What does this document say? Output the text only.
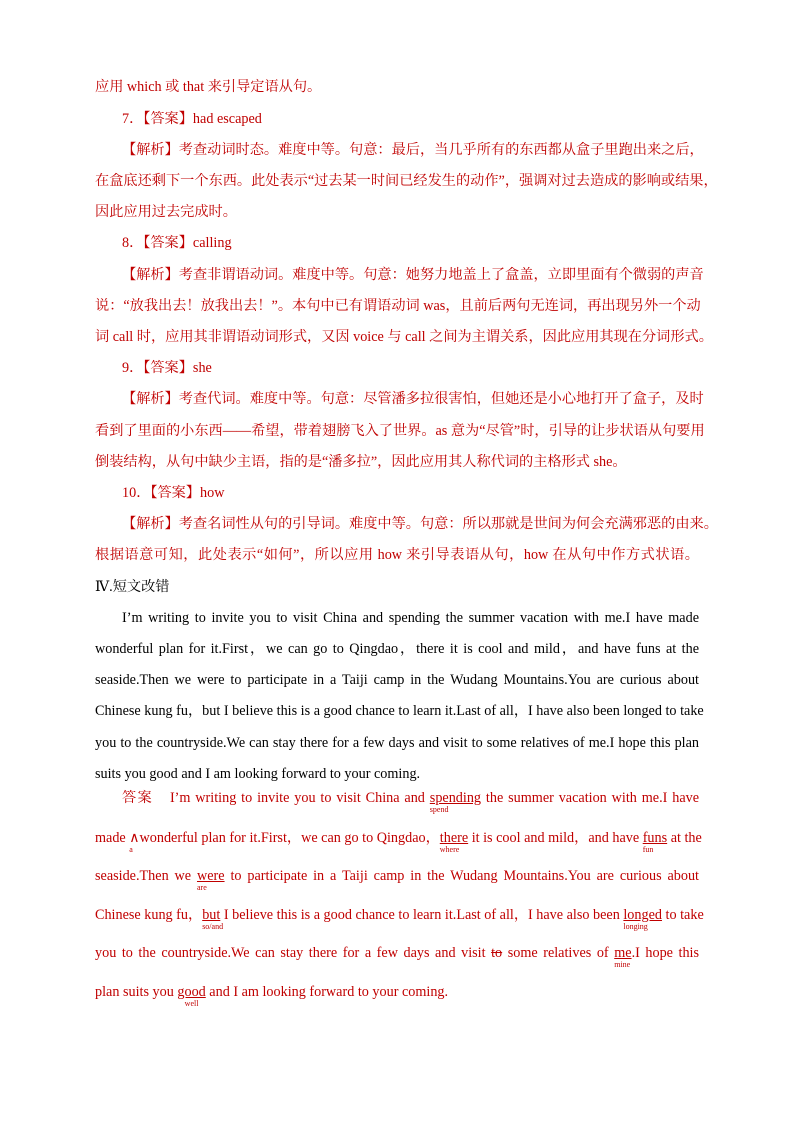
应用 which 或 that 来引导定语从句。
7．【答案】had escaped
【解析】考查动词时态。难度中等。句意：最后，当几乎所有的东西都从盒子里跑出来之后，
在盒底还剩下一个东西。此处表示“过去某一时间已经发生的动作”，强调对过去造成的影响或结果，
因此应用过去完成时。
8．【答案】calling
【解析】考查非谓语动词。难度中等。句意：她努力地盖上了盒盖，立即里面有个微弱的声音
说：“放我出去！放我出去！”。本句中已有谓语动词 was，且前后两句无连词，再出现另外一个动
词 call 时，应用其非谓语动词形式，又因 voice 与 call 之间为主谓关系，因此应用其现在分词形式。
9．【答案】she
【解析】考查代词。难度中等。句意：尽管潘多拉很害怕，但她还是小心地打开了盒子，及时
看到了里面的小东西——希望，带着翅膀飞入了世界。as 意为“尽管”时，引导的让步状语从句要用
倒装结构，从句中缺少主语，指的是“潘多拉”，因此应用其人称代词的主格形式 she。
10．【答案】how
【解析】考查名词性从句的引导词。难度中等。句意：所以那就是世间为何会充满邪恶的由来。
根据语意可知，此处表示“如何”，所以应用 how 来引导表语从句，how 在从句中作方式状语。
Ⅳ.短文改错
I’m writing to invite you to visit China and spending the summer vacation with me.I have made
wonderful plan for it.First，we can go to Qingdao，there it is cool and mild，and have funs at the
seaside.Then we were to participate in a Taiji camp in the Wudang Mountains.You are curious about
Chinese kung fu，but I believe this is a good chance to learn it.Last of all，I have also been longed to take
you to the countryside.We can stay there for a few days and visit to some relatives of me.I hope this plan
suits you good and I am looking forward to your coming.
答案 I’m writing to invite you to visit China and spending
spend
the summer vacation with me.I have
made ∧
a
wonderful plan for it.First，we can go to Qingdao，there
where
it is cool and mild，and have funs
fun
at the
seaside.Then we were
are
to participate in a Taiji camp in the Wudang Mountains.You are curious about
Chinese kung fu，but
so/and
I believe this is a good chance to learn it.Last of all，I have also been longed
longing
to take
you to the countryside.We can stay there for a few days and visit to some relatives of me
mine
.I hope this
plan suits you good
well
and I am looking forward to your coming.
